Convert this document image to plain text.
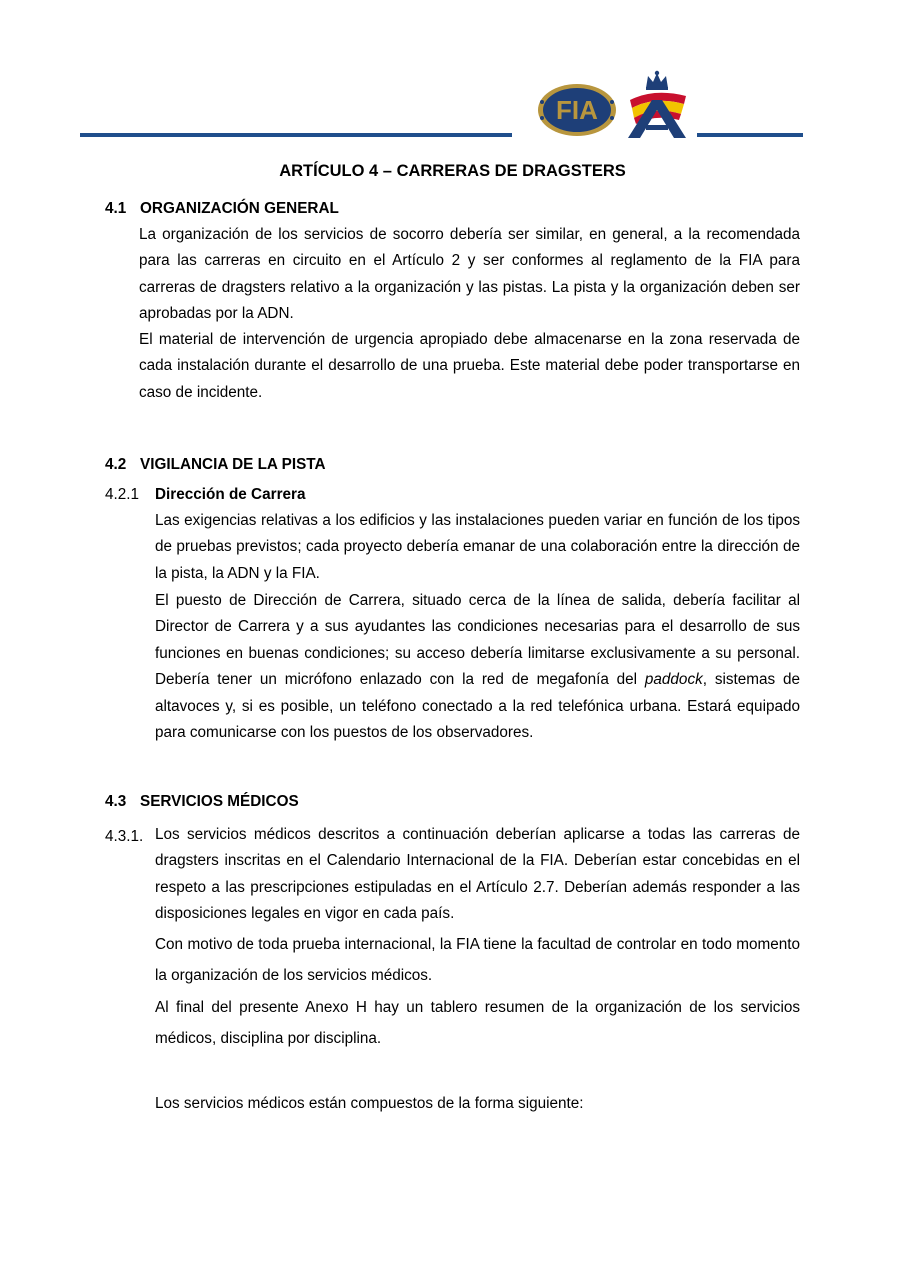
FIA
ARTÍCULO 4 – CARRERAS DE DRAGSTERS
4.1 ORGANIZACIÓN GENERAL
La organización de los servicios de socorro debería ser similar, en general, a la recomendada para las carreras en circuito en el Artículo 2 y ser conformes al reglamento de la FIA para carreras de dragsters relativo a la organización y las pistas. La pista y la organización deben ser aprobadas por la ADN.
El material de intervención de urgencia apropiado debe almacenarse en la zona reservada de cada instalación durante el desarrollo de una prueba. Este material debe poder transportarse en caso de incidente.
4.2 VIGILANCIA DE LA PISTA
4.2.1 Dirección de Carrera
Las exigencias relativas a los edificios y las instalaciones pueden variar en función de los tipos de pruebas previstos; cada proyecto debería emanar de una colaboración entre la dirección de la pista, la ADN y la FIA.
El puesto de Dirección de Carrera, situado cerca de la línea de salida, debería facilitar al Director de Carrera y a sus ayudantes las condiciones necesarias para el desarrollo de sus funciones en buenas condiciones; su acceso debería limitarse exclusivamente a su personal. Debería tener un micrófono enlazado con la red de megafonía del paddock, sistemas de altavoces y, si es posible, un teléfono conectado a la red telefónica urbana. Estará equipado para comunicarse con los puestos de los observadores.
4.3 SERVICIOS MÉDICOS
4.3.1. Los servicios médicos descritos a continuación deberían aplicarse a todas las carreras de dragsters inscritas en el Calendario Internacional de la FIA. Deberían estar concebidas en el respeto a las prescripciones estipuladas en el Artículo 2.7. Deberían además responder a las disposiciones legales en vigor en cada país.
Con motivo de toda prueba internacional, la FIA tiene la facultad de controlar en todo momento la organización de los servicios médicos.
Al final del presente Anexo H hay un tablero resumen de la organización de los servicios médicos, disciplina por disciplina.
Los servicios médicos están compuestos de la forma siguiente:
